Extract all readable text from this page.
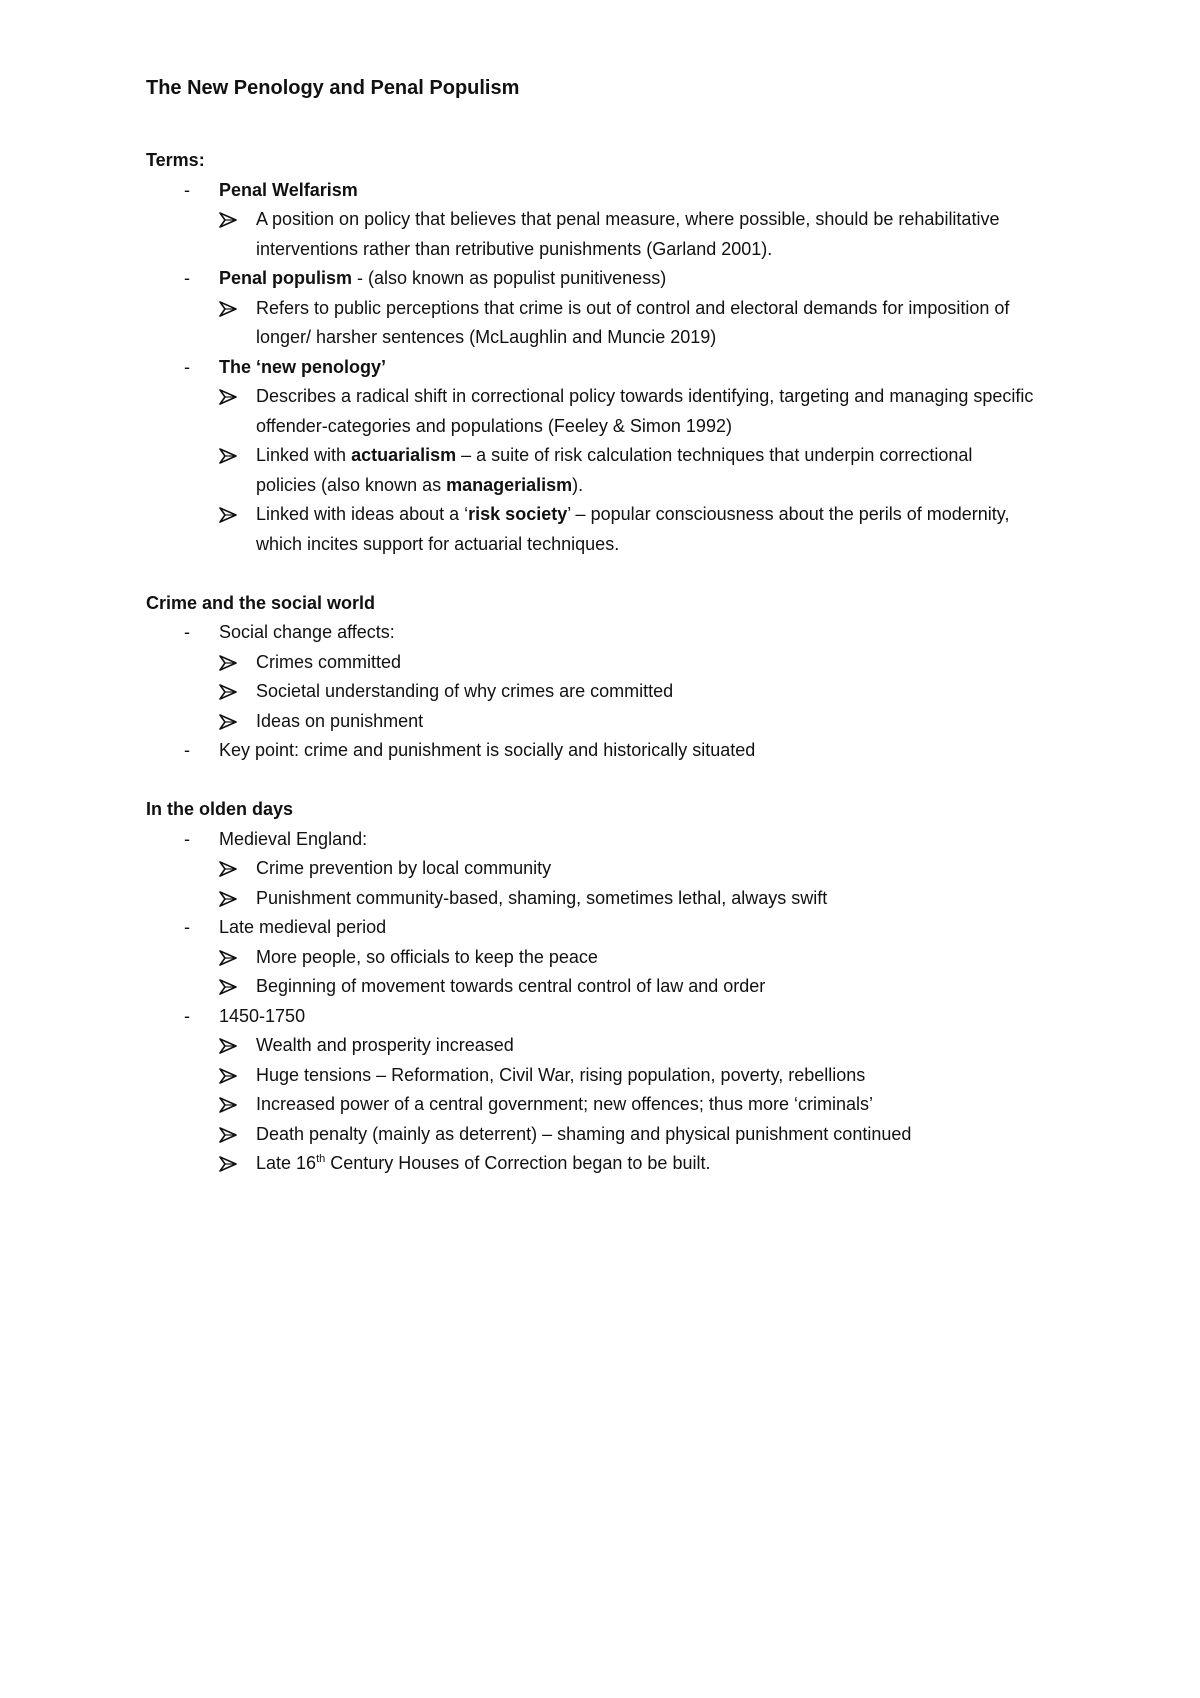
The New Penology and Penal Populism
Terms:
-	Penal Welfarism
A position on policy that believes that penal measure, where possible, should be rehabilitative interventions rather than retributive punishments (Garland 2001).
-	Penal populism - (also known as populist punitiveness)
Refers to public perceptions that crime is out of control and electoral demands for imposition of longer/ harsher sentences (McLaughlin and Muncie 2019)
-	The ‘new penology’
Describes a radical shift in correctional policy towards identifying, targeting and managing specific offender-categories and populations (Feeley & Simon 1992)
Linked with actuarialism – a suite of risk calculation techniques that underpin correctional policies (also known as managerialism).
Linked with ideas about a ‘risk society’ – popular consciousness about the perils of modernity, which incites support for actuarial techniques.
Crime and the social world
-	Social change affects:
Crimes committed
Societal understanding of why crimes are committed
Ideas on punishment
-	Key point: crime and punishment is socially and historically situated
In the olden days
-	Medieval England:
Crime prevention by local community
Punishment community-based, shaming, sometimes lethal, always swift
-	Late medieval period
More people, so officials to keep the peace
Beginning of movement towards central control of law and order
-	1450-1750
Wealth and prosperity increased
Huge tensions – Reformation, Civil War, rising population, poverty, rebellions
Increased power of a central government; new offences; thus more ‘criminals’
Death penalty (mainly as deterrent) – shaming and physical punishment continued
Late 16th Century Houses of Correction began to be built.
